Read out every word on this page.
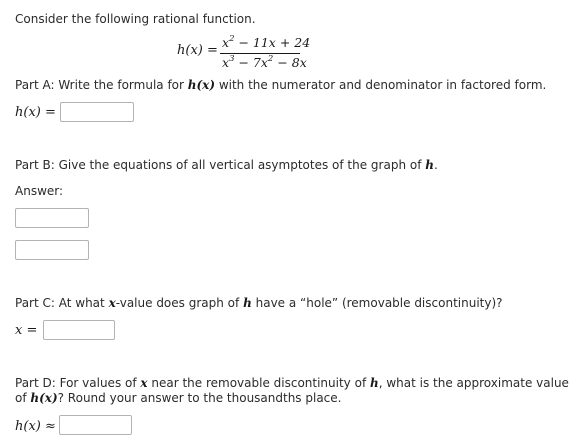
Consider the following rational function.
h(x) =
$x^2 - 11x + 24$
$x^3 - 7x^2 - 8x$
Part A: Write the formula for h(x) with the numerator and denominator in factored form.
h(x) =
Part B: Give the equations of all vertical asymptotes of the graph of h.
Answer:
Part C: At what x-value does graph of h have a “hole” (removable discontinuity)?
x =
Part D: For values of x near the removable discontinuity of h, what is the approximate value
of h(x)? Round your answer to the thousandths place.
h(x) ≈
